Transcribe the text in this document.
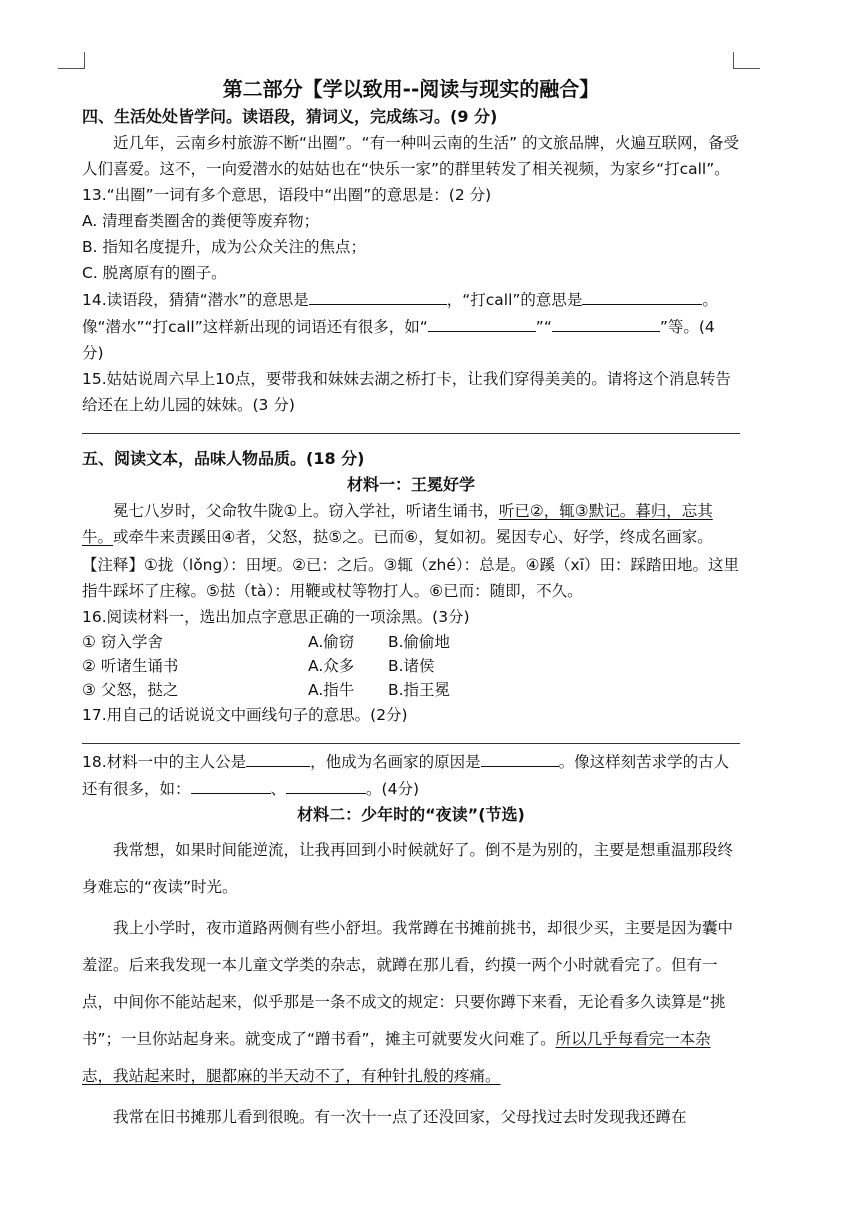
第二部分【学以致用--阅读与现实的融合】
四、生活处处皆学问。读语段，猜词义，完成练习。(9 分)
近几年，云南乡村旅游不断“出圈”。“有一种叫云南的生活” 的文旅品牌，火遍互联网，备受人们喜爱。这不，一向爱潜水的姑姑也在“快乐一家”的群里转发了相关视频，为家乡“打call”。
13.“出圈”一词有多个意思，语段中“出圈”的意思是：(2 分)
A. 清理畜类圈舍的粪便等废弃物；
B. 指知名度提升，成为公众关注的焦点；
C. 脱离原有的圈子。
14.读语段，猜猜“潜水”的意思是	，“打call”的意思是	。
像“潜水”“打call”这样新出现的词语还有很多，如“	”“	”等。(4 分)
15.姑姑说周六早上10点，要带我和妹妹去湖之桥打卡，让我们穿得美美的。请将这个消息转告给还在上幼儿园的妹妹。(3 分)
五、阅读文本，品味人物品质。(18 分)
材料一：王冕好学
冕七八岁时，父命牧牛陇①上。窃入学社，听诸生诵书，听已②，辄③默记。暮归，忘其牛。或牵牛来责蹊田④者，父怒，挞⑤之。已而⑥，复如初。冕因专心、好学，终成名画家。
【注释】①拢（lǒng）：田埂。②已：之后。③辄（zhé）：总是。④蹊（xī）田：踩踏田地。这里指牛踩坏了庄稼。⑤挞（tà）：用鞭或杖等物打人。⑥已而：随即，不久。
16.阅读材料一，选出加点字意思正确的一项涂黑。(3分)
① 窃入学舍	A.偷窃	B.偷偷地
② 听诸生诵书	A.众多	B.诸侯
③ 父怒，挞之	A.指牛	B.指王冕
17.用自己的话说说文中画线句子的意思。(2分)
18.材料一中的主人公是	，他成为名画家的原因是	。像这样刻苦求学的古人还有很多，如：	、	。(4分)
材料二：少年时的“夜读”(节选)
我常想，如果时间能逆流，让我再回到小时候就好了。倒不是为别的，主要是想重温那段终身难忘的“夜读”时光。
我上小学时，夜市道路两侧有些小舒坦。我常蹲在书摊前挑书，却很少买，主要是因为囊中羞涩。后来我发现一本儿童文学类的杂志，就蹲在那儿看，约摸一两个小时就看完了。但有一点，中间你不能站起来，似乎那是一条不成文的规定：只要你蹲下来看，无论看多久读算是“挑书”；一旦你站起身来。就变成了“蹭书看”，摊主可就要发火问难了。所以几乎每看完一本杂志，我站起来时，腿都麻的半天动不了，有种针扎般的疼痛。
我常在旧书摊那儿看到很晚。有一次十一点了还没回家，父母找过去时发现我还蹲在
